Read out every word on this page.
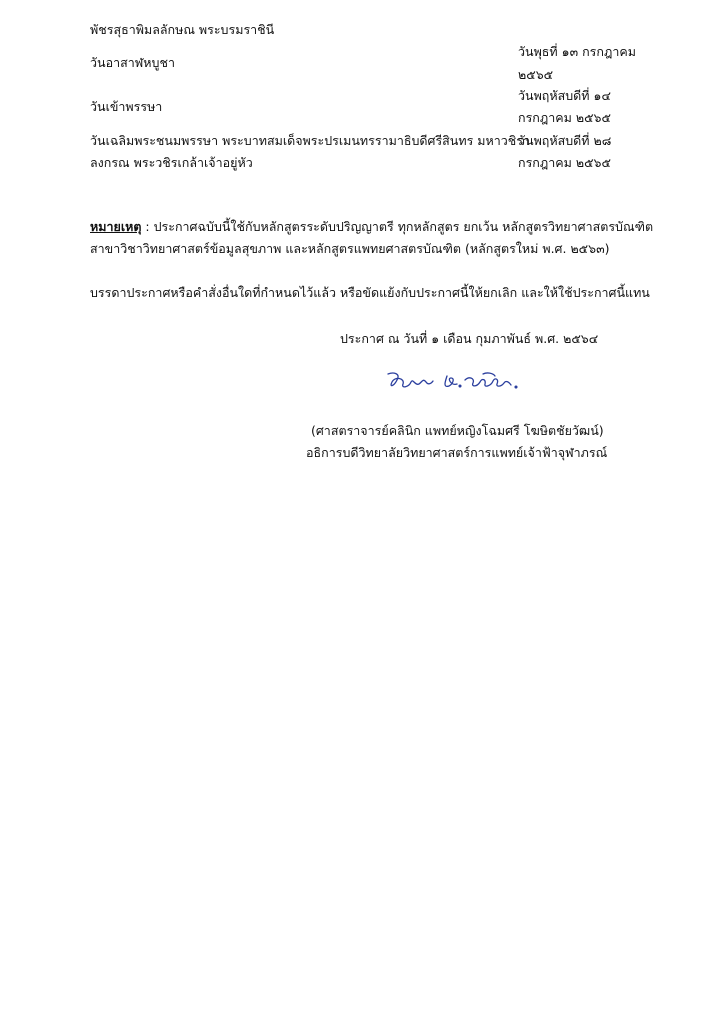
พัชรสุธาพิมลลักษณ พระบรมราชินี
วันพุธที่ ๑๓ กรกฎาคม
วันอาสาฬหบูชา
๒๕๖๕
วันพฤหัสบดีที่ ๑๔
วันเข้าพรรษา
กรกฎาคม ๒๕๖๕
วันเฉลิมพระชนมพรรษา พระบาทสมเด็จพระปรเมนทรรามาธิบดีศรีสินทร มหาวชิรา
วันพฤหัสบดีที่ ๒๘
ลงกรณ พระวชิรเกล้าเจ้าอยู่หัว	กรกฎาคม ๒๕๖๕
หมายเหตุ : ประกาศฉบับนี้ใช้กับหลักสูตรระดับปริญญาตรี ทุกหลักสูตร ยกเว้น หลักสูตรวิทยาศาสตรบัณฑิต
สาขาวิชาวิทยาศาสตร์ข้อมูลสุขภาพ และหลักสูตรแพทยศาสตรบัณฑิต (หลักสูตรใหม่ พ.ศ. ๒๕๖๓)
บรรดาประกาศหรือคำสั่งอื่นใดที่กำหนดไว้แล้ว หรือขัดแย้งกับประกาศนี้ให้ยกเลิก และให้ใช้ประกาศนี้แทน
ประกาศ ณ วันที่ ๑ เดือน กุมภาพันธ์ พ.ศ. ๒๕๖๔
(ศาสตราจารย์คลินิก แพทย์หญิงโฉมศรี โฆษิตชัยวัฒน์)
อธิการบดีวิทยาลัยวิทยาศาสตร์การแพทย์เจ้าฟ้าจุฬาภรณ์
